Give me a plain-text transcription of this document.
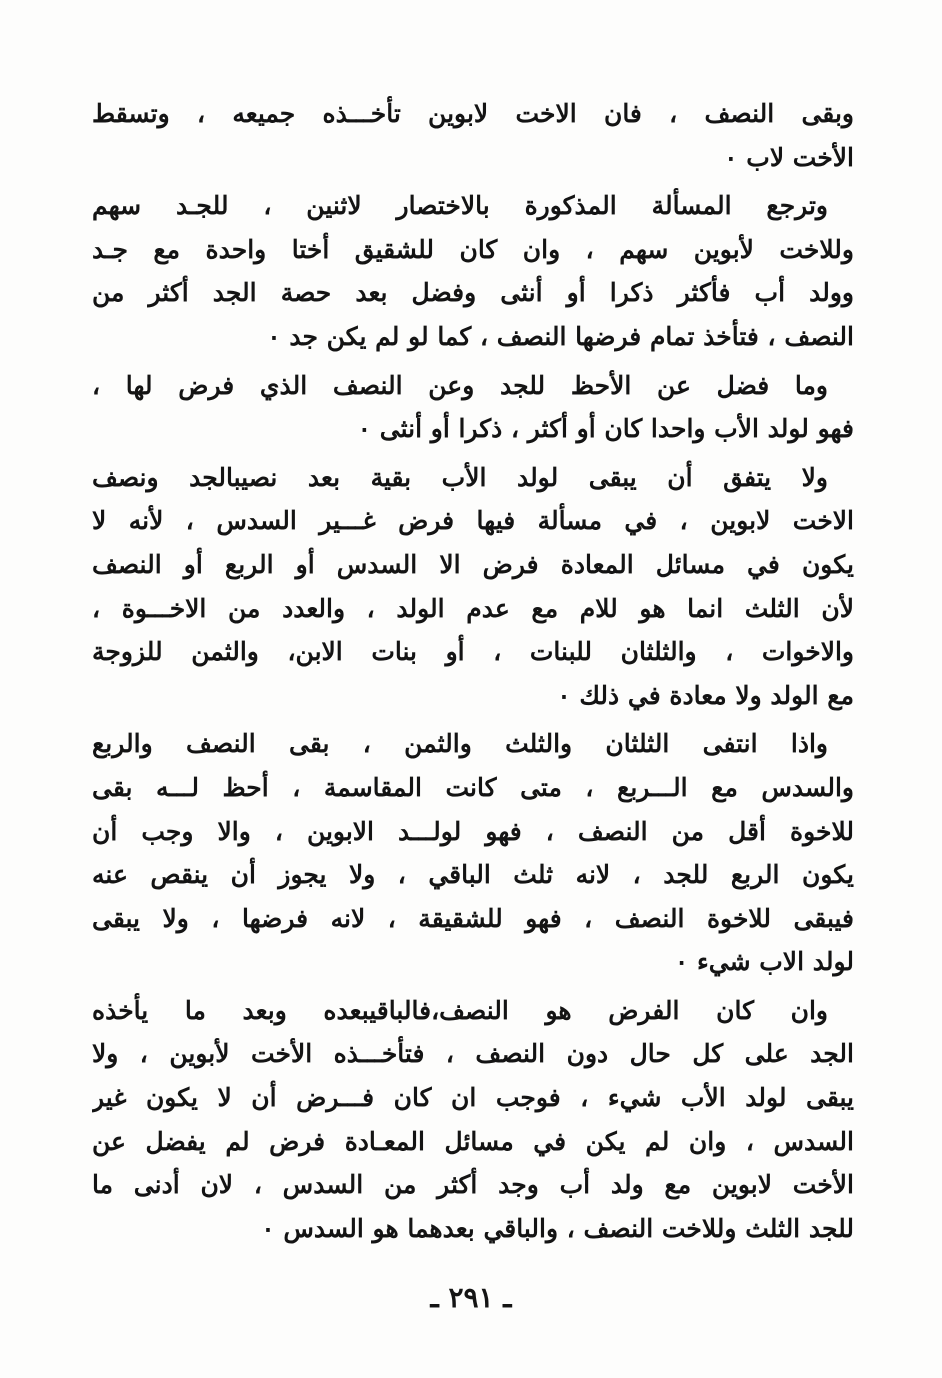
وبقى النصف ، فان الاخت لابوين تأخـــذه جميعه ، وتسقط
الأخت لاب ٠
وترجع المسألة المذكورة بالاختصار لاثنين ، للجـد سهم
وللاخت لأبوين سهم ، وان كان للشقيق أختا واحدة مع جـد
وولد أب فأكثر ذكرا أو أنثى وفضل بعد حصة الجد أكثر من
النصف ، فتأخذ تمام فرضها النصف ، كما لو لم يكن جد ٠
وما فضل عن الأحظ للجد وعن النصف الذي فرض لها ،
فهو لولد الأب واحدا كان أو أكثر ، ذكرا أو أنثى ٠
ولا يتفق أن يبقى لولد الأب بقية بعد نصيبالجد ونصف
الاخت لابوين ، في مسألة فيها فرض غـــير السدس ، لأنه لا
يكون في مسائل المعادة فرض الا السدس أو الربع أو النصف
لأن الثلث انما هو للام مع عدم الولد ، والعدد من الاخـــوة ،
والاخوات ، والثلثان للبنات ، أو بنات الابن، والثمن للزوجة
مع الولد ولا معادة في ذلك ٠
واذا انتفى الثلثان والثلث والثمن ، بقى النصف والربع
والسدس مع الـــربع ، متى كانت المقاسمة ، أحظ لـــه بقى
للاخوة أقل من النصف ، فهو لولـــد الابوين ، والا وجب أن
يكون الربع للجد ، لانه ثلث الباقي ، ولا يجوز أن ينقص عنه
فيبقى للاخوة النصف ، فهو للشقيقة ، لانه فرضها ، ولا يبقى
لولد الاب شيء ٠
وان كان الفرض هو النصف،فالباقيبعده وبعد ما يأخذه
الجد على كل حال دون النصف ، فتأخـــذه الأخت لأبوين ، ولا
يبقى لولد الأب شيء ، فوجب ان كان فـــرض أن لا يكون غير
السدس ، وان لم يكن في مسائل المعـادة فرض لم يفضل عن
الأخت لابوين مع ولد أب وجد أكثر من السدس ، لان أدنى ما
للجد الثلث وللاخت النصف ، والباقي بعدهما هو السدس ٠
ـ ٢٩١ ـ
